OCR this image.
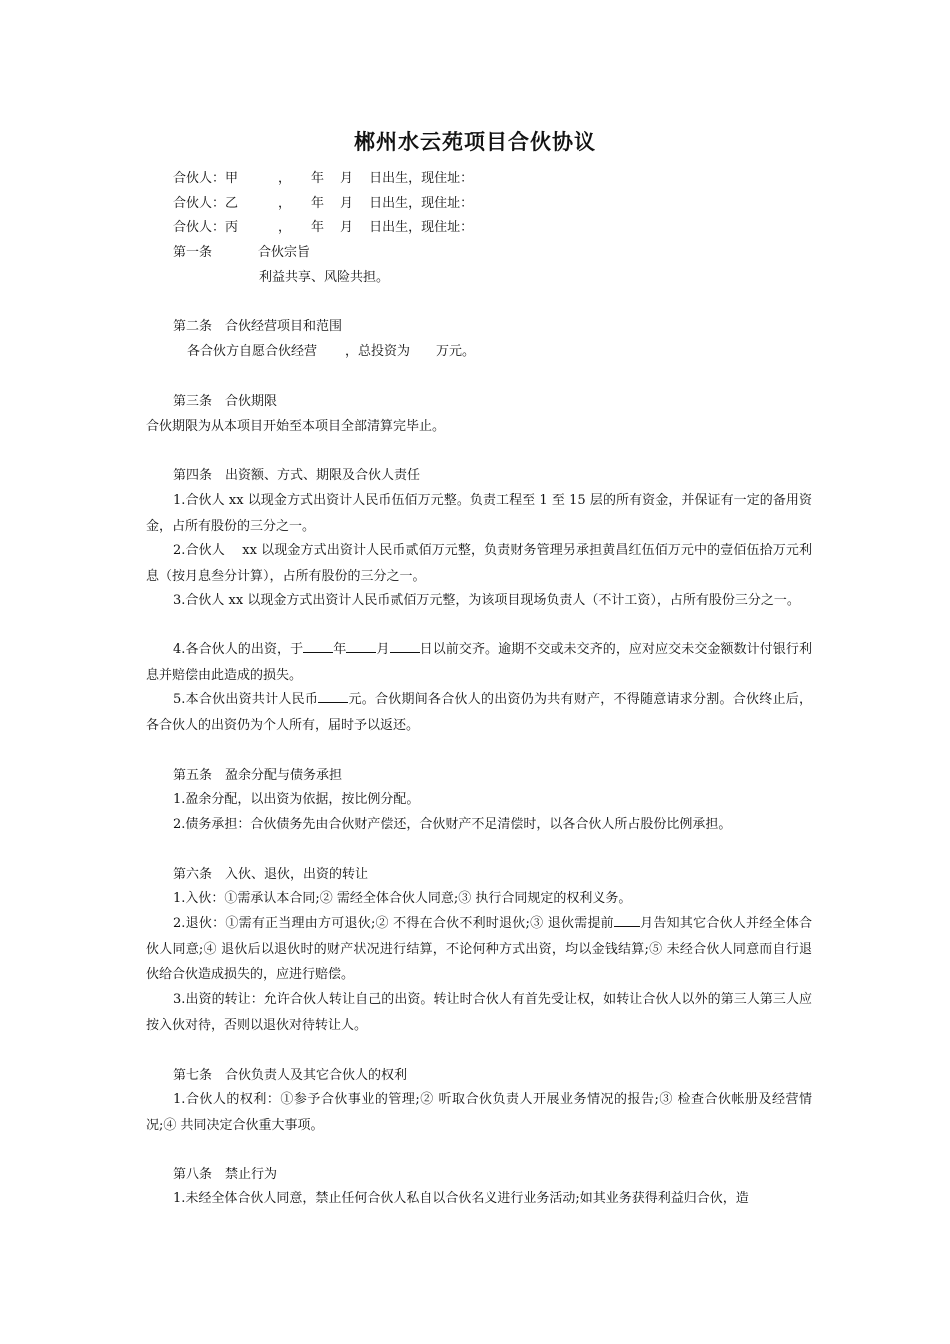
郴州水云苑项目合伙协议
合伙人：甲	， 年 月 日出生，现住址：
合伙人：乙	， 年 月 日出生，现住址：
合伙人：丙	， 年 月 日出生，现住址：
第一条	合伙宗旨
利益共享、风险共担。
第二条　合伙经营项目和范围
各合伙方自愿合伙经营 ，总投资为 万元。
第三条　合伙期限
合伙期限为从本项目开始至本项目全部清算完毕止。
第四条　出资额、方式、期限及合伙人责任
1.合伙人 xx 以现金方式出资计人民币伍佰万元整。负责工程至 1 至 15 层的所有资金，并保证有一定的备用资金，占所有股份的三分之一。
2.合伙人　 xx 以现金方式出资计人民币贰佰万元整，负责财务管理另承担黄昌红伍佰万元中的壹佰伍拾万元利息（按月息叁分计算），占所有股份的三分之一。
3.合伙人 xx 以现金方式出资计人民币贰佰万元整，为该项目现场负责人（不计工资），占所有股份三分之一。
4.各合伙人的出资，于 年 月 日以前交齐。逾期不交或未交齐的，应对应交未交金额数计付银行利息并赔偿由此造成的损失。
5.本合伙出资共计人民币 元。合伙期间各合伙人的出资仍为共有财产，不得随意请求分割。合伙终止后，各合伙人的出资仍为个人所有，届时予以返还。
第五条　盈余分配与债务承担
1.盈余分配，以出资为依据，按比例分配。
2.债务承担：合伙债务先由合伙财产偿还，合伙财产不足清偿时，以各合伙人所占股份比例承担。
第六条　入伙、退伙，出资的转让
1.入伙：①需承认本合同;② 需经全体合伙人同意;③ 执行合同规定的权利义务。
2.退伙：①需有正当理由方可退伙;② 不得在合伙不利时退伙;③ 退伙需提前 月告知其它合伙人并经全体合伙人同意;④ 退伙后以退伙时的财产状况进行结算，不论何种方式出资，均以金钱结算;⑤ 未经合伙人同意而自行退伙给合伙造成损失的，应进行赔偿。
3.出资的转让：允许合伙人转让自己的出资。转让时合伙人有首先受让权，如转让合伙人以外的第三人第三人应按入伙对待，否则以退伙对待转让人。
第七条　合伙负责人及其它合伙人的权利
1.合伙人的权利：①参予合伙事业的管理;② 听取合伙负责人开展业务情况的报告;③ 检查合伙帐册及经营情况;④ 共同决定合伙重大事项。
第八条　禁止行为
1.未经全体合伙人同意，禁止任何合伙人私自以合伙名义进行业务活动;如其业务获得利益归合伙，造
